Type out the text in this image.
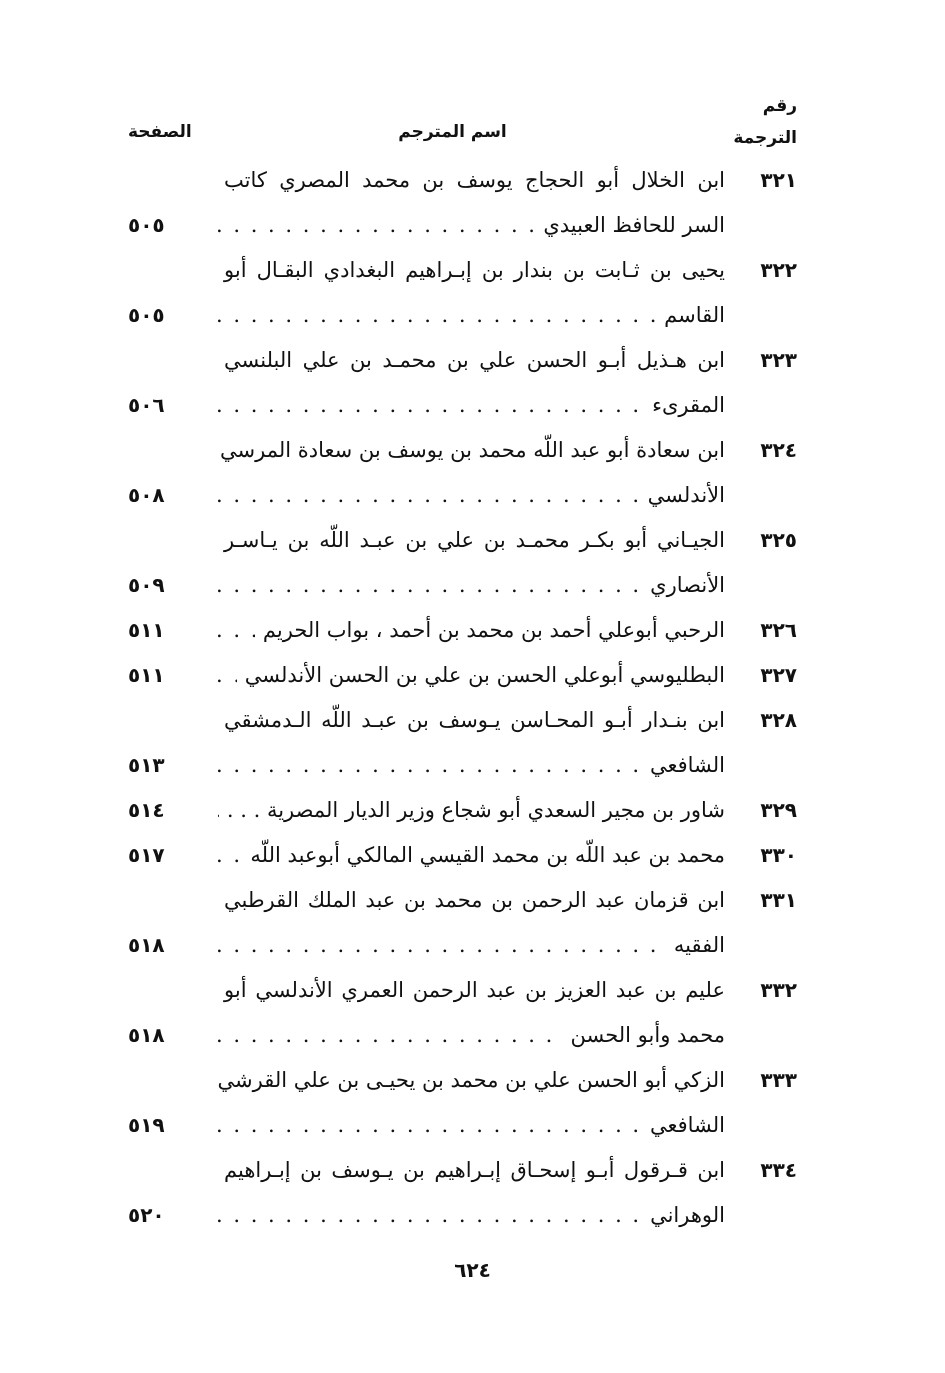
رقم
الترجمة
اسم المترجم
الصفحة
٣٢١
ابن الخلال أبو الحجاج يوسف بن محمد المصري كاتب
. . .
السر للحافظ العبيدي
٥٠٥
٣٢٢
يحيى بن ثـابت بن بندار بن إبـراهيم البغدادي البقـال أبو
. . .
القاسم
٥٠٥
٣٢٣
ابن هـذيل أبـو الحسن علي بن محمـد بن علي البلنسي
. . .
المقرىء
٥٠٦
٣٢٤
ابن سعادة أبو عبد اللّه محمد بن يوسف بن سعادة المرسي
. . .
الأندلسي
٥٠٨
٣٢٥
الجيـاني أبو بكـر محمـد بن علي بن عبـد اللّه بن يـاسـر
. . .
الأنصاري
٥٠٩
٣٢٦
. . .
الرحبي أبوعلي أحمد بن محمد بن أحمد ، بواب الحريم
٥١١
٣٢٧
. . .
البطليوسي أبوعلي الحسن بن علي بن الحسن الأندلسي
٥١١
٣٢٨
ابن بنـدار أبـو المحـاسن يـوسف بن عبـد اللّه الـدمشقي
. . .
الشافعي
٥١٣
٣٢٩
. . .
شاور بن مجير السعدي أبو شجاع وزير الديار المصرية . . .
٥١٤
٣٣٠
. . .
محمد بن عبد اللّه بن محمد القيسي المالكي أبوعبد اللّه
٥١٧
٣٣١
ابن قزمان عبد الرحمن بن محمد بن عبد الملك القرطبي
. . .
الفقيه
٥١٨
٣٣٢
عليم بن عبد العزيز بن عبد الرحمن العمري الأندلسي أبو
. . .
محمد وأبو الحسن
٥١٨
٣٣٣
الزكي أبو الحسن علي بن محمد بن يحيـى بن علي القرشي
. . .
الشافعي
٥١٩
٣٣٤
ابن قـرقول أبـو إسحـاق إبـراهيم بن يـوسف بن إبـراهيم
. . .
الوهراني
٥٢٠
٦٢٤
